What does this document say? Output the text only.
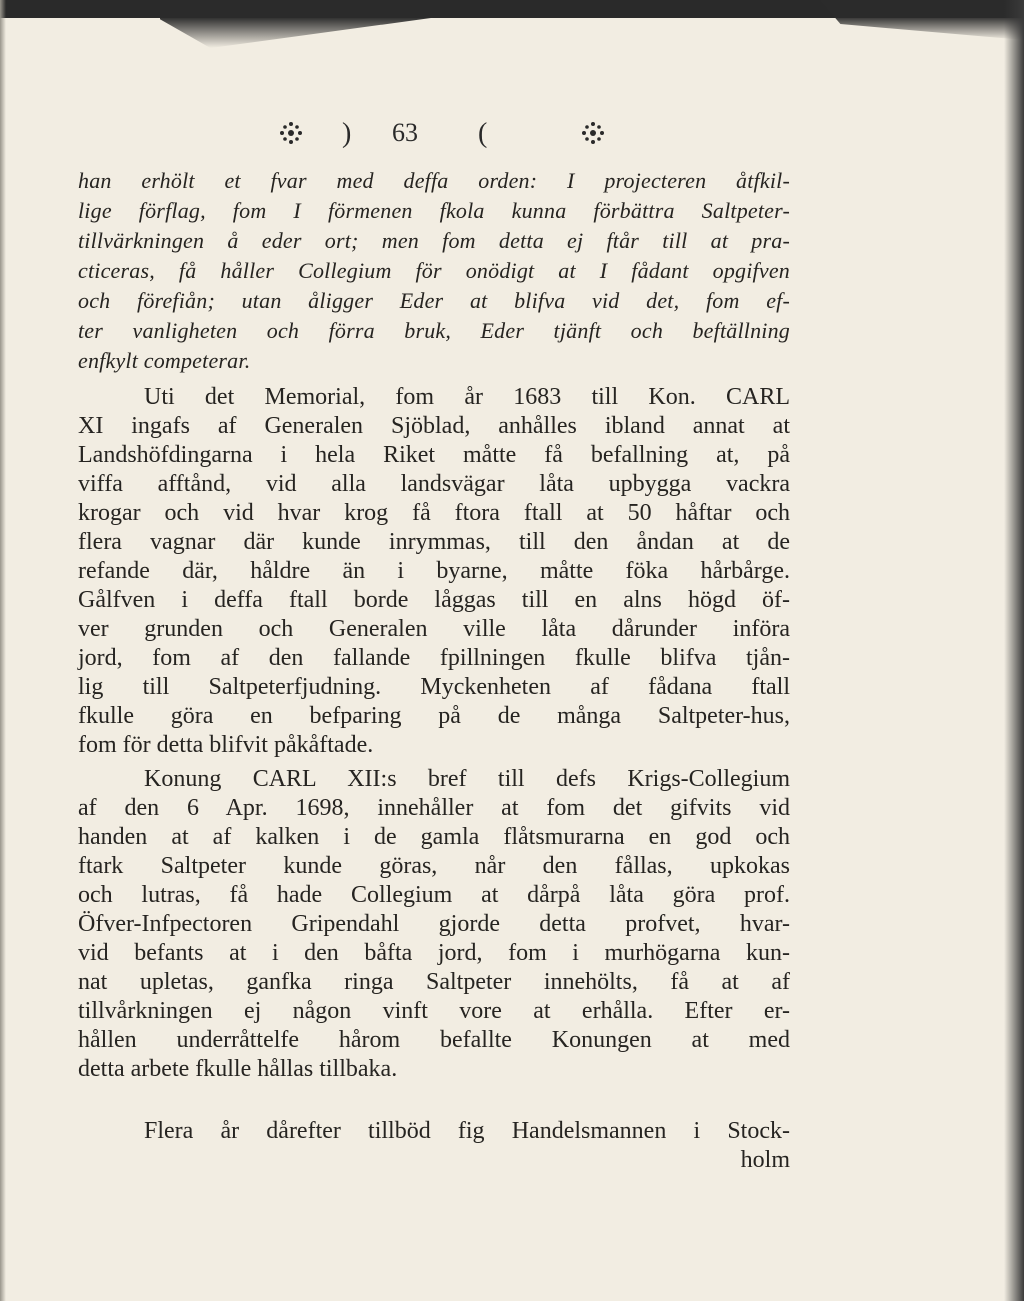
) 63 (
han erhölt et fvar med deffa orden: I projecteren åtfkil-
lige förflag, fom I förmenen fkola kunna förbättra Saltpeter-
tillvärkningen å eder ort; men fom detta ej ftår till at pra-
cticeras, få håller Collegium för onödigt at I fådant opgifven
och förefiån; utan åligger Eder at blifva vid det, fom ef-
ter vanligheten och förra bruk, Eder tjänft och beftällning
enfkylt competerar.
Uti det Memorial, fom år 1683 till Kon. CARL
XI ingafs af Generalen Sjöblad, anhålles ibland annat at
Landshöfdingarna i hela Riket måtte få befallning at, på
viffa afftånd, vid alla landsvägar låta upbygga vackra
krogar och vid hvar krog få ftora ftall at 50 håftar och
flera vagnar där kunde inrymmas, till den åndan at de
refande där, håldre än i byarne, måtte föka hårbårge.
Gålfven i deffa ftall borde låggas till en alns högd öf-
ver grunden och Generalen ville låta dårunder införa
jord, fom af den fallande fpillningen fkulle blifva tjån-
lig till Saltpeterfjudning. Myckenheten af fådana ftall
fkulle göra en befparing på de många Saltpeter-hus,
fom för detta blifvit påkåftade.
Konung CARL XII:s bref till defs Krigs-Collegium
af den 6 Apr. 1698, innehåller at fom det gifvits vid
handen at af kalken i de gamla flåtsmurarna en god och
ftark Saltpeter kunde göras, når den fållas, upkokas
och lutras, få hade Collegium at dårpå låta göra prof.
Öfver-Infpectoren Gripendahl gjorde detta profvet, hvar-
vid befants at i den båfta jord, fom i murhögarna kun-
nat upletas, ganfka ringa Saltpeter innehölts, få at af
tillvårkningen ej någon vinft vore at erhålla. Efter er-
hållen underråttelfe hårom befallte Konungen at med
detta arbete fkulle hållas tillbaka.
Flera år dårefter tillböd fig Handelsmannen i Stock-
holm
